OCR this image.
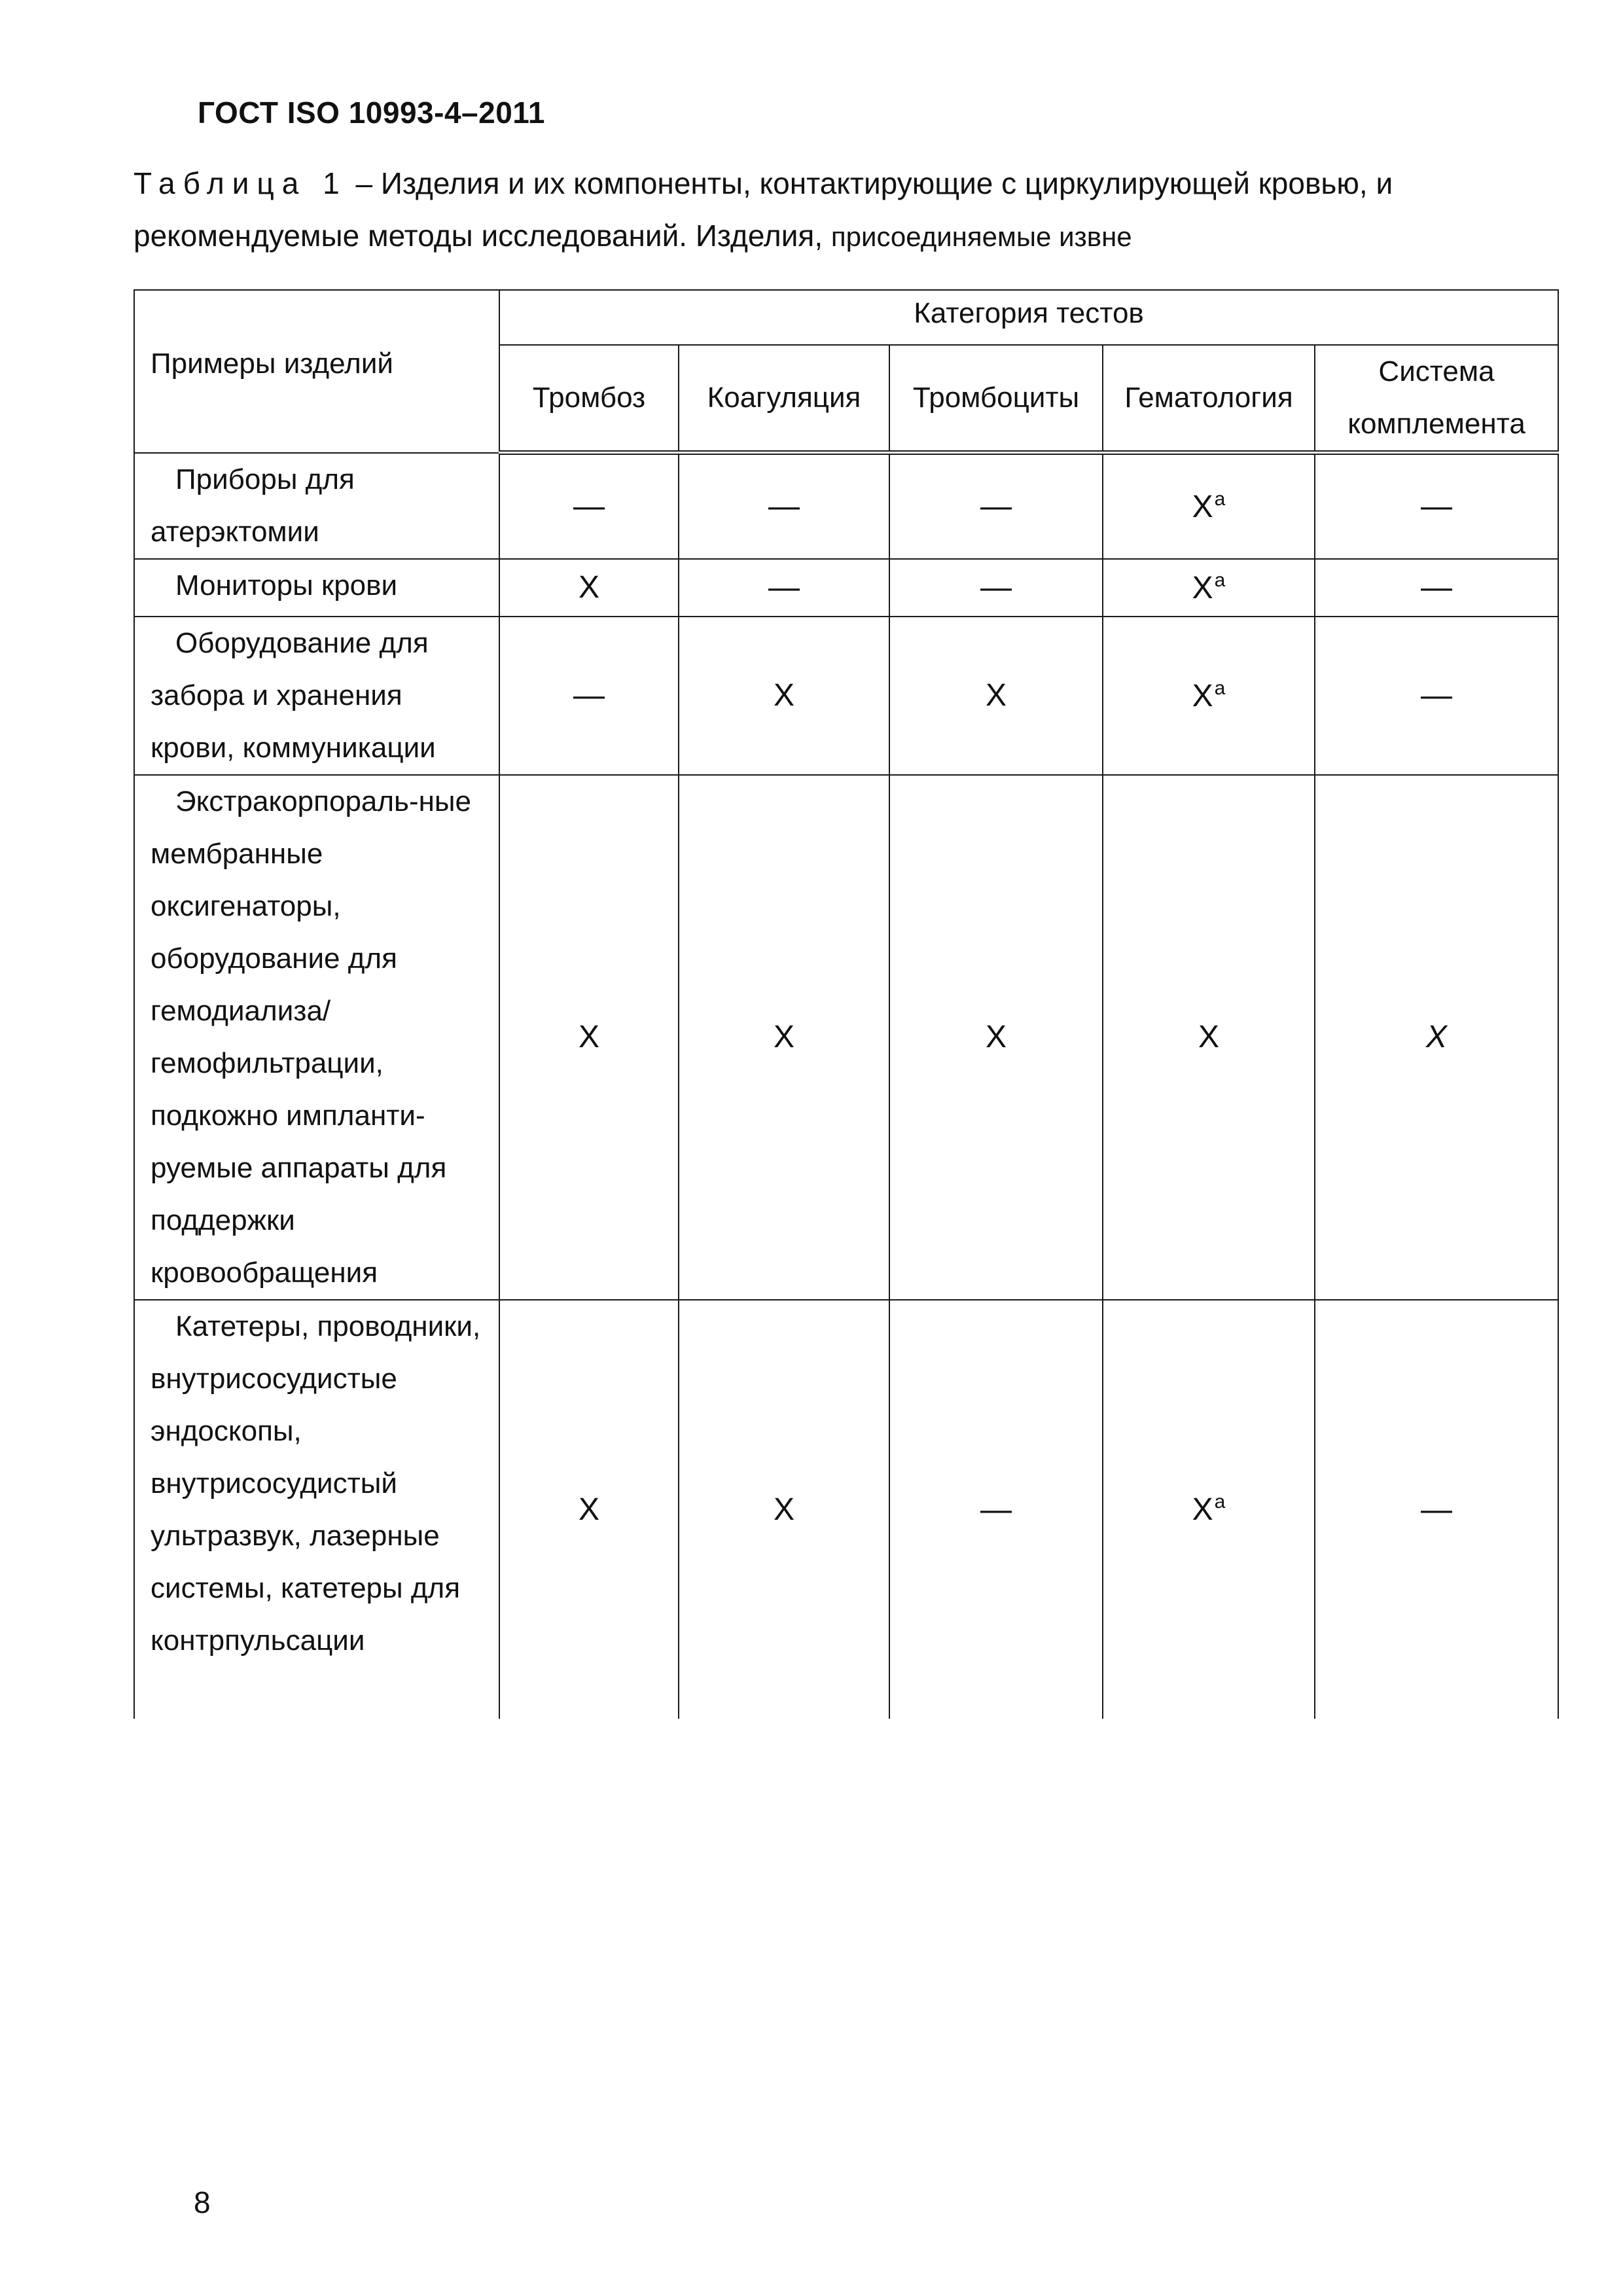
ГОСТ ISO 10993-4–2011
Таблица 1 – Изделия и их компоненты, контактирующие с циркулирующей кровью, и рекомендуемые методы исследований. Изделия, присоединяемые извне
Примеры изделий	Категория тестов				
	Тромбоз	Коагуляция	Тромбоциты	Гематология	Система комплемента
Приборы для атерэктомии	—	—	—	$X^a$	—
Мониторы крови	X	—	—	$X^a$	—
Оборудование для забора и хранения крови, коммуникации	—	X	X	$X^a$	—
Экстракорпораль-ные мембранные оксигенаторы, оборудование для гемодиализа/ гемофильтрации, подкожно импланти-руемые аппараты для поддержки кровообращения	X	X	X	X	X
Катетеры, проводники, внутрисосудистые эндоскопы, внутрисосудистый ультразвук, лазерные системы, катетеры для контрпульсации	X	X	—	$X^a$	—
8
